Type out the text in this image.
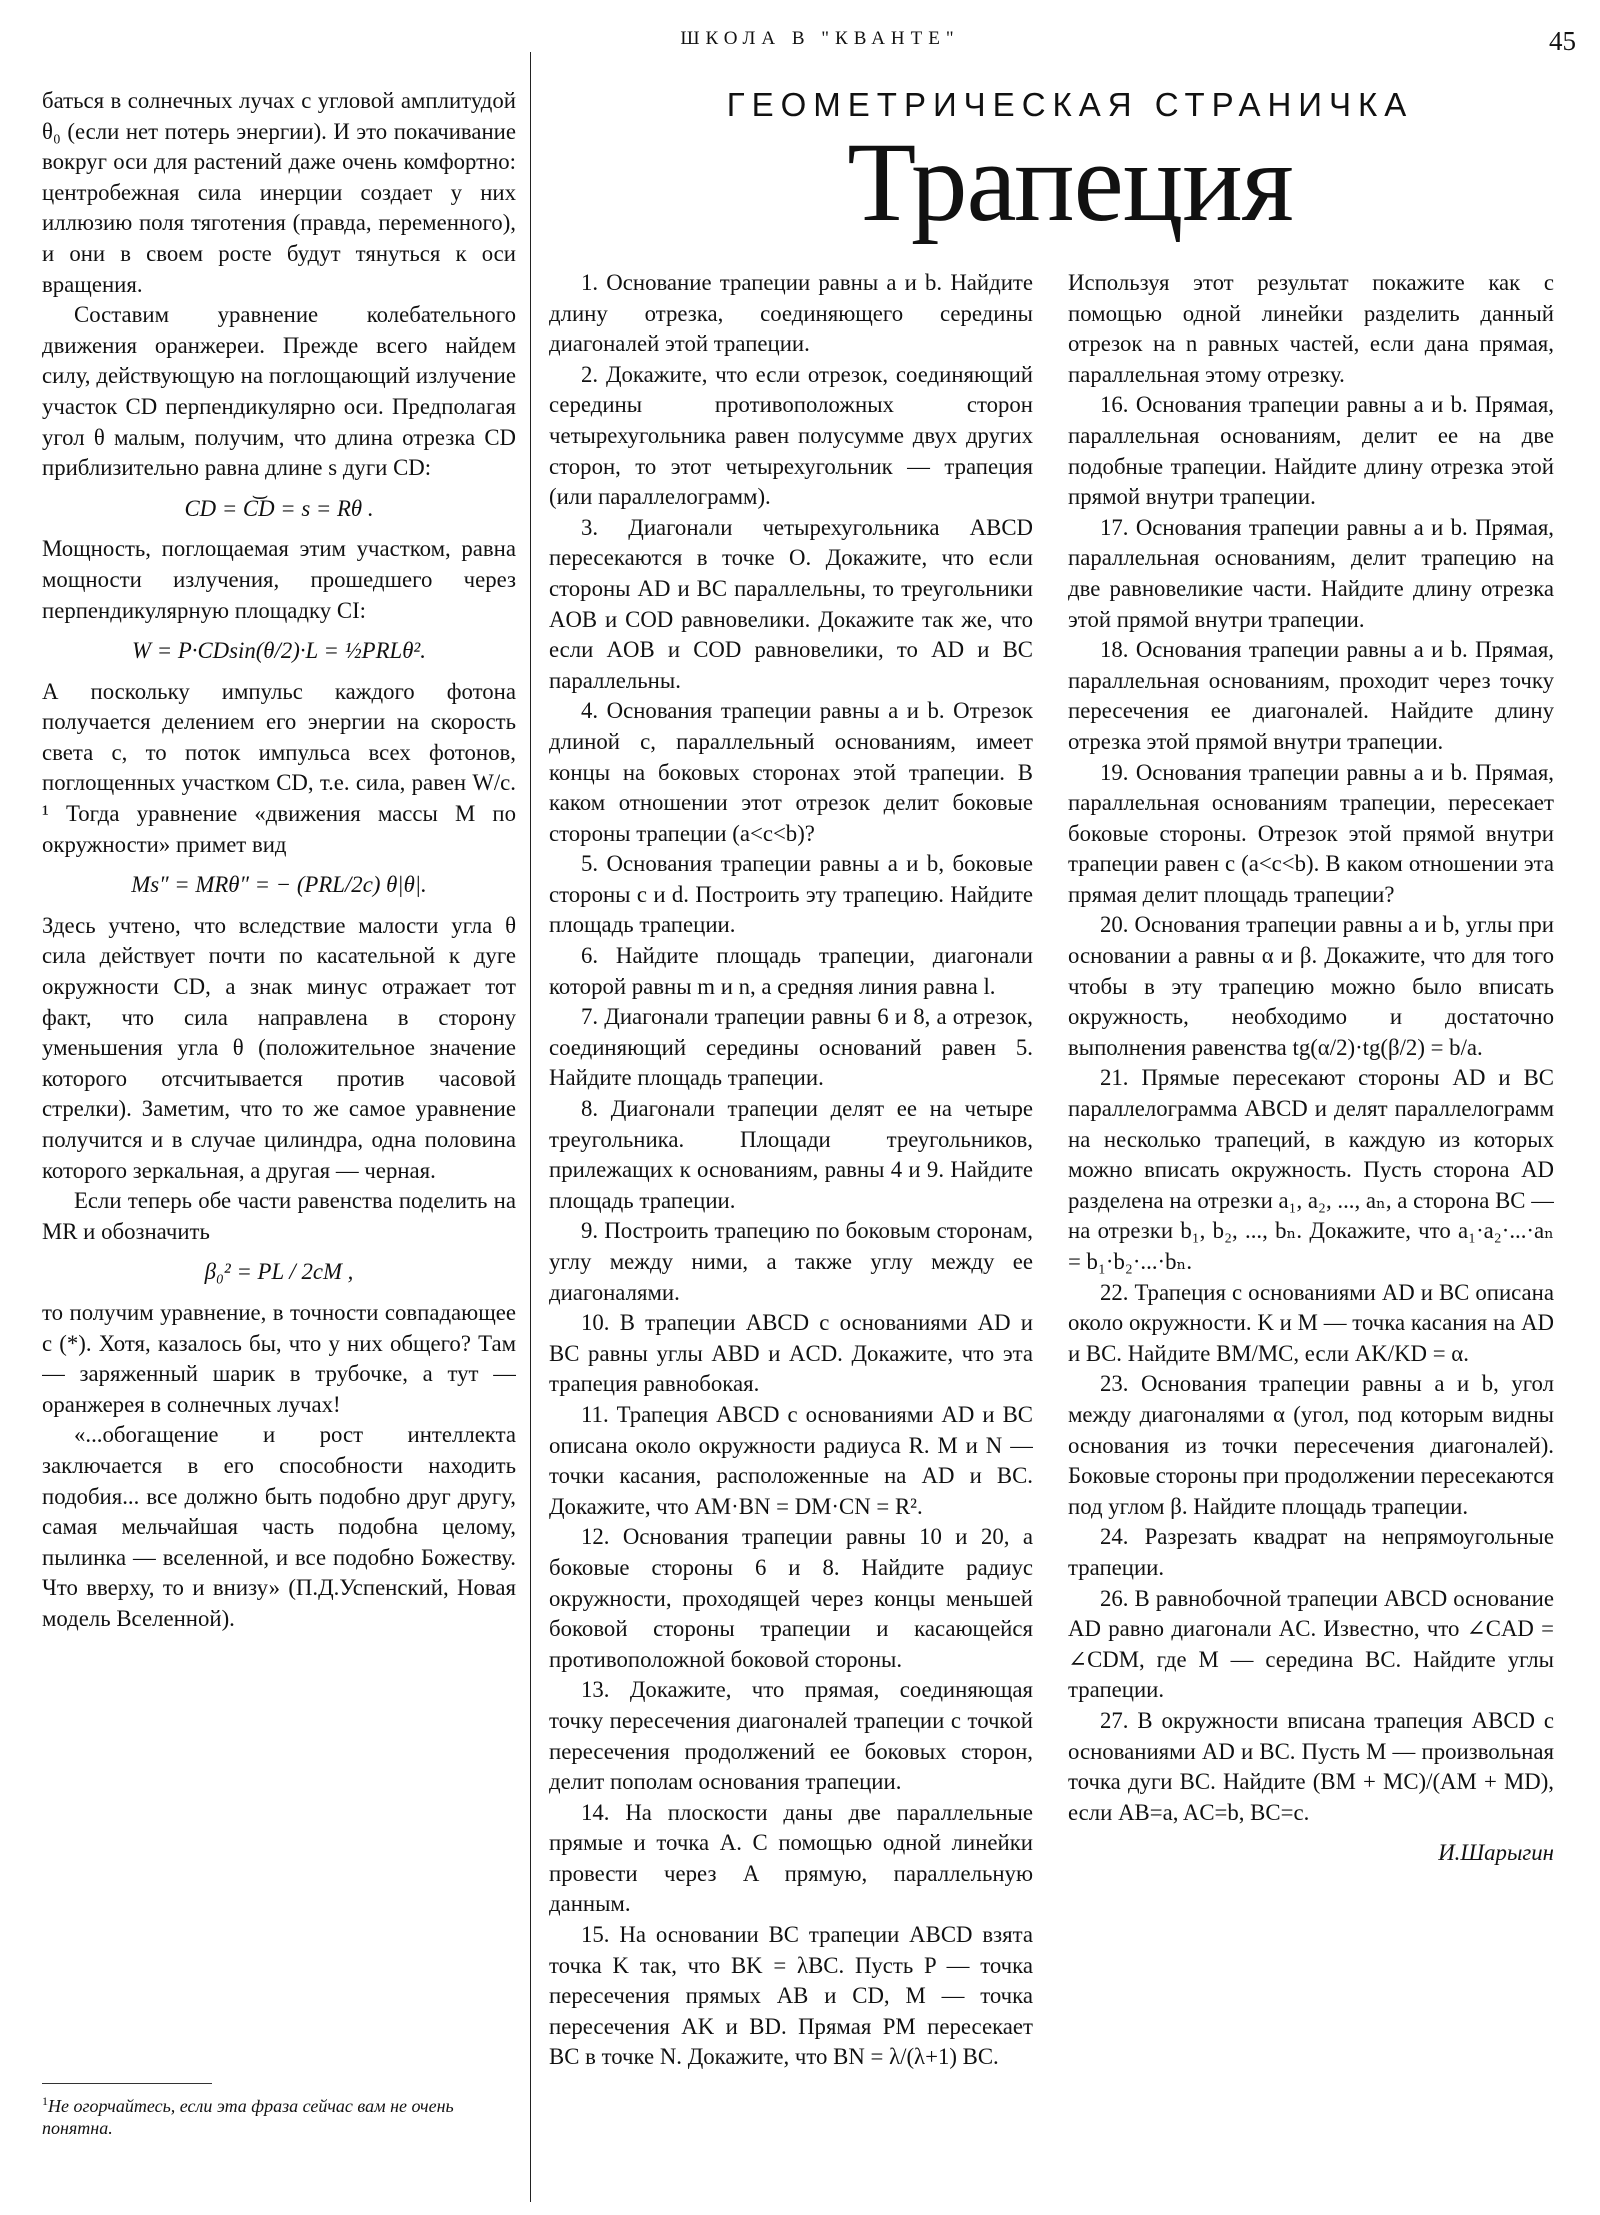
ШКОЛА В "КВАНТЕ"	45
ГЕОМЕТРИЧЕСКАЯ СТРАНИЧКА
Трапеция

баться в солнечных лучах с угловой амплитудой θ₀ (если нет потерь энергии). И это покачивание вокруг оси для растений даже очень комфортно: центробежная сила инерции создает у них иллюзию поля тяготения (правда, переменного), и они в своем росте будут тянуться к оси вращения.

Составим уравнение колебательного движения оранжереи. Прежде всего найдем силу, действующую на поглощающий излучение участок CD перпендикулярно оси. Предполагая угол θ малым, получим, что длина отрезка CD приблизительно равна длине s дуги CD:

CD = C͝D = s = Rθ .

Мощность, поглощаемая этим участком, равна мощности излучения, прошедшего через перпендикулярную площадку CI:

W = P·CDsin(θ/2)·L = ½PRLθ².

А поскольку импульс каждого фотона получается делением его энергии на скорость света c, то поток импульса всех фотонов, поглощенных участком CD, т.е. сила, равен W/c. ¹ Тогда уравнение «движения массы M по окружности» примет вид

Ms″ = MRθ″ = − (PRL/2c) θ|θ|.

Здесь учтено, что вследствие малости угла θ сила действует почти по касательной к дуге окружности CD, а знак минус отражает тот факт, что сила направлена в сторону уменьшения угла θ (положительное значение которого отсчитывается против часовой стрелки). Заметим, что то же самое уравнение получится и в случае цилиндра, одна половина которого зеркальная, а другая — черная.

Если теперь обе части равенства поделить на MR и обозначить

β₀² = PL / 2cM ,

то получим уравнение, в точности совпадающее с (*). Хотя, казалось бы, что у них общего? Там — заряженный шарик в трубочке, а тут — оранжерея в солнечных лучах!

«...обогащение и рост интеллекта заключается в его способности находить подобия... все должно быть подобно друг другу, самая мельчайшая часть подобна целому, пылинка — вселенной, и все подобно Божеству. Что вверху, то и внизу» (П.Д.Успенский, Новая модель Вселенной).

$^1$Не огорчайтесь, если эта фраза сейчас вам не очень понятна.

1. Основание трапеции равны a и b. Найдите длину отрезка, соединяющего середины диагоналей этой трапеции.

2. Докажите, что если отрезок, соединяющий середины противоположных сторон четырехугольника равен полусумме двух других сторон, то этот четырехугольник — трапеция (или параллелограмм).

3. Диагонали четырехугольника ABCD пересекаются в точке O. Докажите, что если стороны AD и BC параллельны, то треугольники AOB и COD равновелики. Докажите так же, что если AOB и COD равновелики, то AD и BC параллельны.

4. Основания трапеции равны a и b. Отрезок длиной c, параллельный основаниям, имеет концы на боковых сторонах этой трапеции. В каком отношении этот отрезок делит боковые стороны трапеции (a<c<b)?

5. Основания трапеции равны a и b, боковые стороны c и d. Построить эту трапецию. Найдите площадь трапеции.

6. Найдите площадь трапеции, диагонали которой равны m и n, а средняя линия равна l.

7. Диагонали трапеции равны 6 и 8, а отрезок, соединяющий середины оснований равен 5. Найдите площадь трапеции.

8. Диагонали трапеции делят ее на четыре треугольника. Площади треугольников, прилежащих к основаниям, равны 4 и 9. Найдите площадь трапеции.

9. Построить трапецию по боковым сторонам, углу между ними, а также углу между ее диагоналями.

10. В трапеции ABCD с основаниями AD и BC равны углы ABD и ACD. Докажите, что эта трапеция равнобокая.

11. Трапеция ABCD с основаниями AD и BC описана около окружности радиуса R. M и N — точки касания, расположенные на AD и BC. Докажите, что AM·BN = DM·CN = R².

12. Основания трапеции равны 10 и 20, а боковые стороны 6 и 8. Найдите радиус окружности, проходящей через концы меньшей боковой стороны трапеции и касающейся противоположной боковой стороны.

13. Докажите, что прямая, соединяющая точку пересечения диагоналей трапеции с точкой пересечения продолжений ее боковых сторон, делит пополам основания трапеции.

14. На плоскости даны две параллельные прямые и точка A. С помощью одной линейки провести через A прямую, параллельную данным.

15. На основании BC трапеции ABCD взята точка K так, что BK = λBC. Пусть P — точка пересечения прямых AB и CD, M — точка пересечения AK и BD. Прямая PM пересекает BC в точке N. Докажите, что BN = λ/(λ+1) BC.

Используя этот результат покажите как с помощью одной линейки разделить данный отрезок на n равных частей, если дана прямая, параллельная этому отрезку.

16. Основания трапеции равны a и b. Прямая, параллельная основаниям, делит ее на две подобные трапеции. Найдите длину отрезка этой прямой внутри трапеции.

17. Основания трапеции равны a и b. Прямая, параллельная основаниям, делит трапецию на две равновеликие части. Найдите длину отрезка этой прямой внутри трапеции.

18. Основания трапеции равны a и b. Прямая, параллельная основаниям, проходит через точку пересечения ее диагоналей. Найдите длину отрезка этой прямой внутри трапеции.

19. Основания трапеции равны a и b. Прямая, параллельная основаниям трапеции, пересекает боковые стороны. Отрезок этой прямой внутри трапеции равен c (a<c<b). В каком отношении эта прямая делит площадь трапеции?

20. Основания трапеции равны a и b, углы при основании a равны α и β. Докажите, что для того чтобы в эту трапецию можно было вписать окружность, необходимо и достаточно выполнения равенства tg(α/2)·tg(β/2) = b/a.

21. Прямые пересекают стороны AD и BC параллелограмма ABCD и делят параллелограмм на несколько трапеций, в каждую из которых можно вписать окружность. Пусть сторона AD разделена на отрезки a₁, a₂, ..., aₙ, а сторона BC — на отрезки b₁, b₂, ..., bₙ. Докажите, что a₁·a₂·...·aₙ = b₁·b₂·...·bₙ.

22. Трапеция с основаниями AD и BC описана около окружности. K и M — точка касания на AD и BC. Найдите BM/MC, если AK/KD = α.

23. Основания трапеции равны a и b, угол между диагоналями α (угол, под которым видны основания из точки пересечения диагоналей). Боковые стороны при продолжении пересекаются под углом β. Найдите площадь трапеции.

24. Разрезать квадрат на непрямоугольные трапеции.

26. В равнобочной трапеции ABCD основание AD равно диагонали AC. Известно, что ∠CAD = ∠CDM, где M — середина BC. Найдите углы трапеции.

27. В окружности вписана трапеция ABCD с основаниями AD и BC. Пусть M — произвольная точка дуги BC. Найдите (BM + MC)/(AM + MD), если AB=a, AC=b, BC=c.

И.Шарыгин
